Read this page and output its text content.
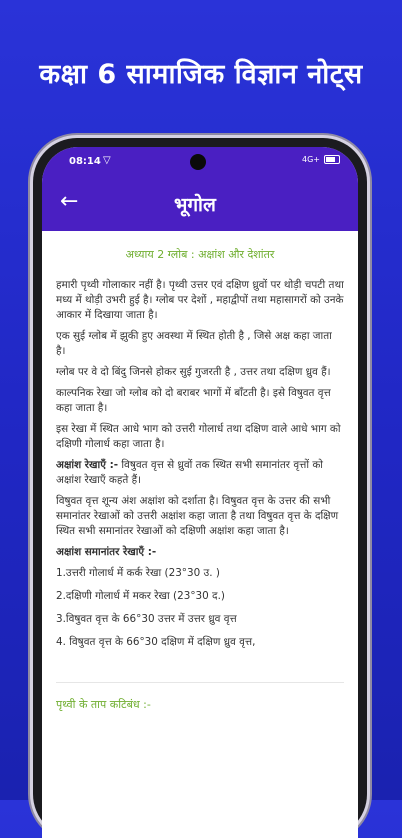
कक्षा 6 सामाजिक विज्ञान नोट्स
08:14 ▽	4G+
←	भूगोल
अध्याय 2 ग्लोब : अक्षांश और देशांतर

हमारी पृथ्वी गोलाकार नहीं है। पृथ्वी उत्तर एवं दक्षिण ध्रुवों पर थोड़ी चपटी तथा मध्य में थोड़ी उभरी हुई है। ग्लोब पर देशों , महाद्वीपों तथा महासागरों को उनके आकार में दिखाया जाता है।

एक सुई ग्लोब में झुकी हुए अवस्था में स्थित होती है , जिसे अक्ष कहा जाता है।

ग्लोब पर वे दो बिंदु जिनसे होकर सुई गुजरती है , उत्तर तथा दक्षिण ध्रुव हैं।

काल्पनिक रेखा जो ग्लोब को दो बराबर भागों में बाँटती है। इसे विषुवत वृत्त कहा जाता है।

इस रेखा में स्थित आधे भाग को उत्तरी गोलार्ध तथा दक्षिण वाले आधे भाग को दक्षिणी गोलार्ध कहा जाता है।

अक्षांश रेखाएँ :- विषुवत वृत्त से ध्रुवों तक स्थित सभी समानांतर वृत्तों को अक्षांश रेखाएँ कहते हैं।

विषुवत वृत्त शून्य अंश अक्षांश को दर्शाता है। विषुवत वृत्त के उत्तर की सभी समानांतर रेखाओं को उत्तरी अक्षांश कहा जाता है तथा विषुवत वृत्त के दक्षिण स्थित सभी समानांतर रेखाओं को दक्षिणी अक्षांश कहा जाता है।

अक्षांश समानांतर रेखाएँ :-

1.उत्तरी गोलार्ध में कर्क रेखा (23°30 उ. )
2.दक्षिणी गोलार्ध में मकर रेखा (23°30 द.)
3.विषुवत वृत्त के 66°30 उत्तर में उत्तर ध्रुव वृत्त
4. विषुवत वृत्त के 66°30 दक्षिण में दक्षिण ध्रुव वृत्त,
पृथ्वी के ताप कटिबंध :-
